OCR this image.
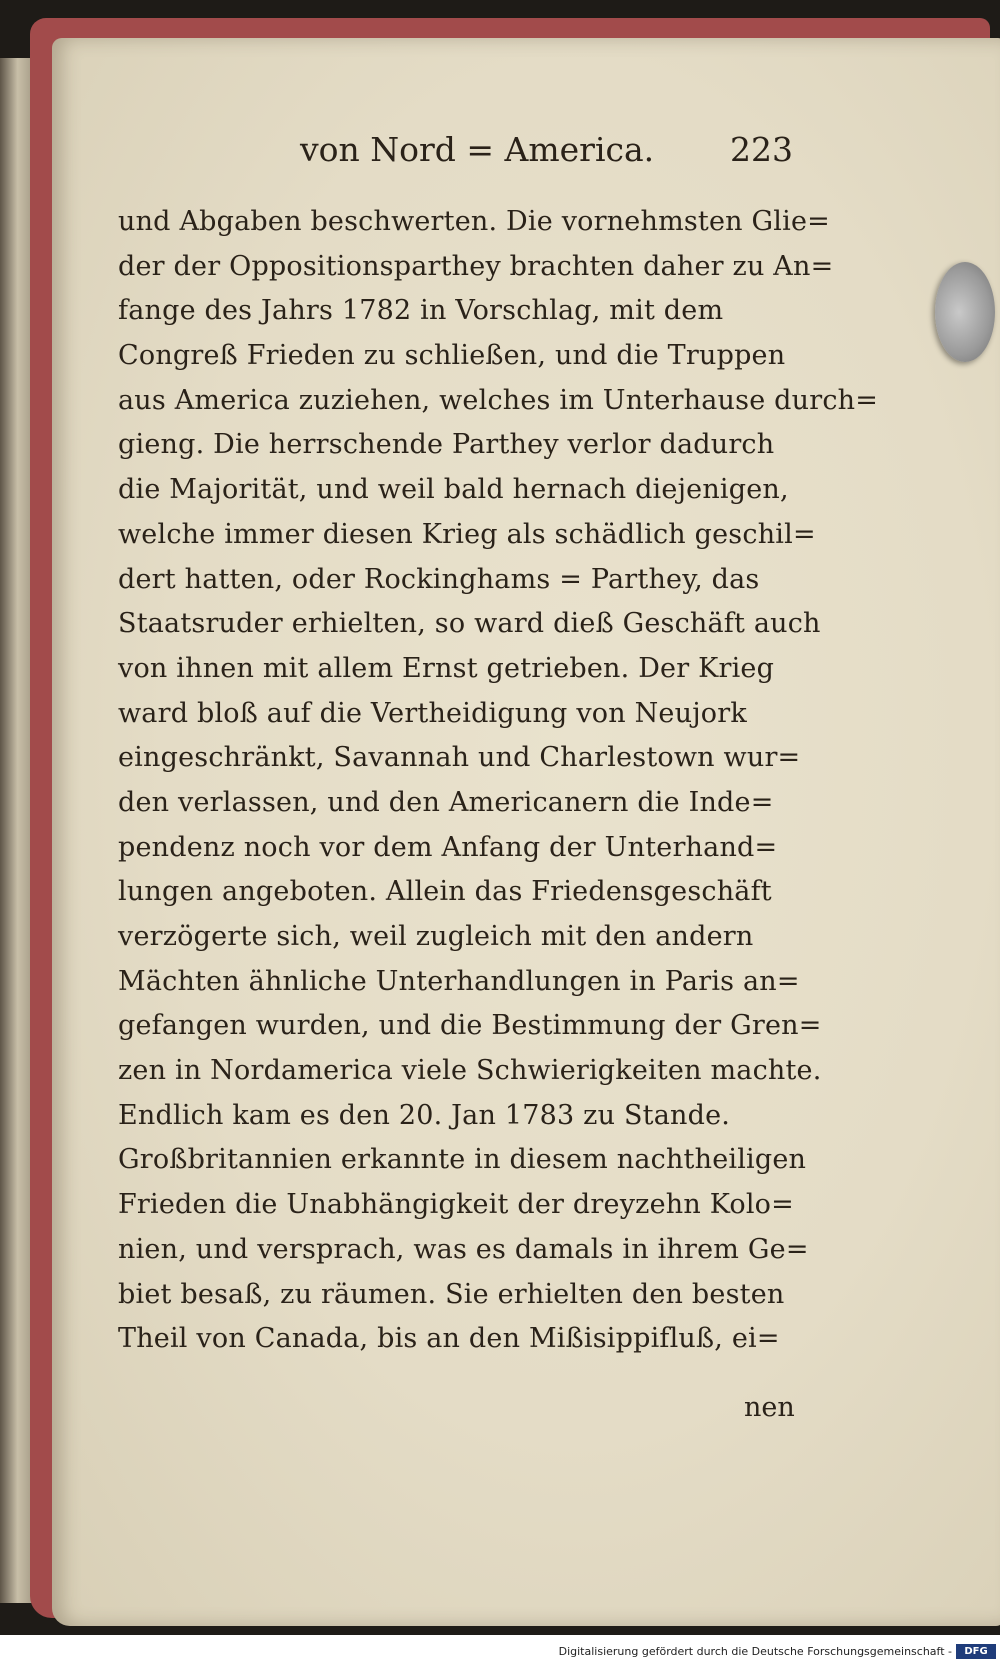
von Nord = America. 223
und Abgaben beschwerten. Die vornehmsten Glie=
der der Oppositionsparthey brachten daher zu An=
fange des Jahrs 1782 in Vorschlag, mit dem
Congreß Frieden zu schließen, und die Truppen
aus America zuziehen, welches im Unterhause durch=
gieng. Die herrschende Parthey verlor dadurch
die Majorität, und weil bald hernach diejenigen,
welche immer diesen Krieg als schädlich geschil=
dert hatten, oder Rockinghams = Parthey, das
Staatsruder erhielten, so ward dieß Geschäft auch
von ihnen mit allem Ernst getrieben. Der Krieg
ward bloß auf die Vertheidigung von Neujork
eingeschränkt, Savannah und Charlestown wur=
den verlassen, und den Americanern die Inde=
pendenz noch vor dem Anfang der Unterhand=
lungen angeboten. Allein das Friedensgeschäft
verzögerte sich, weil zugleich mit den andern
Mächten ähnliche Unterhandlungen in Paris an=
gefangen wurden, und die Bestimmung der Gren=
zen in Nordamerica viele Schwierigkeiten machte.
Endlich kam es den 20. Jan 1783 zu Stande.
Großbritannien erkannte in diesem nachtheiligen
Frieden die Unabhängigkeit der dreyzehn Kolo=
nien, und versprach, was es damals in ihrem Ge=
biet besaß, zu räumen. Sie erhielten den besten
Theil von Canada, bis an den Mißisippifluß, ei=
nen
Digitalisierung gefördert durch die Deutsche Forschungsgemeinschaft -	DFG
